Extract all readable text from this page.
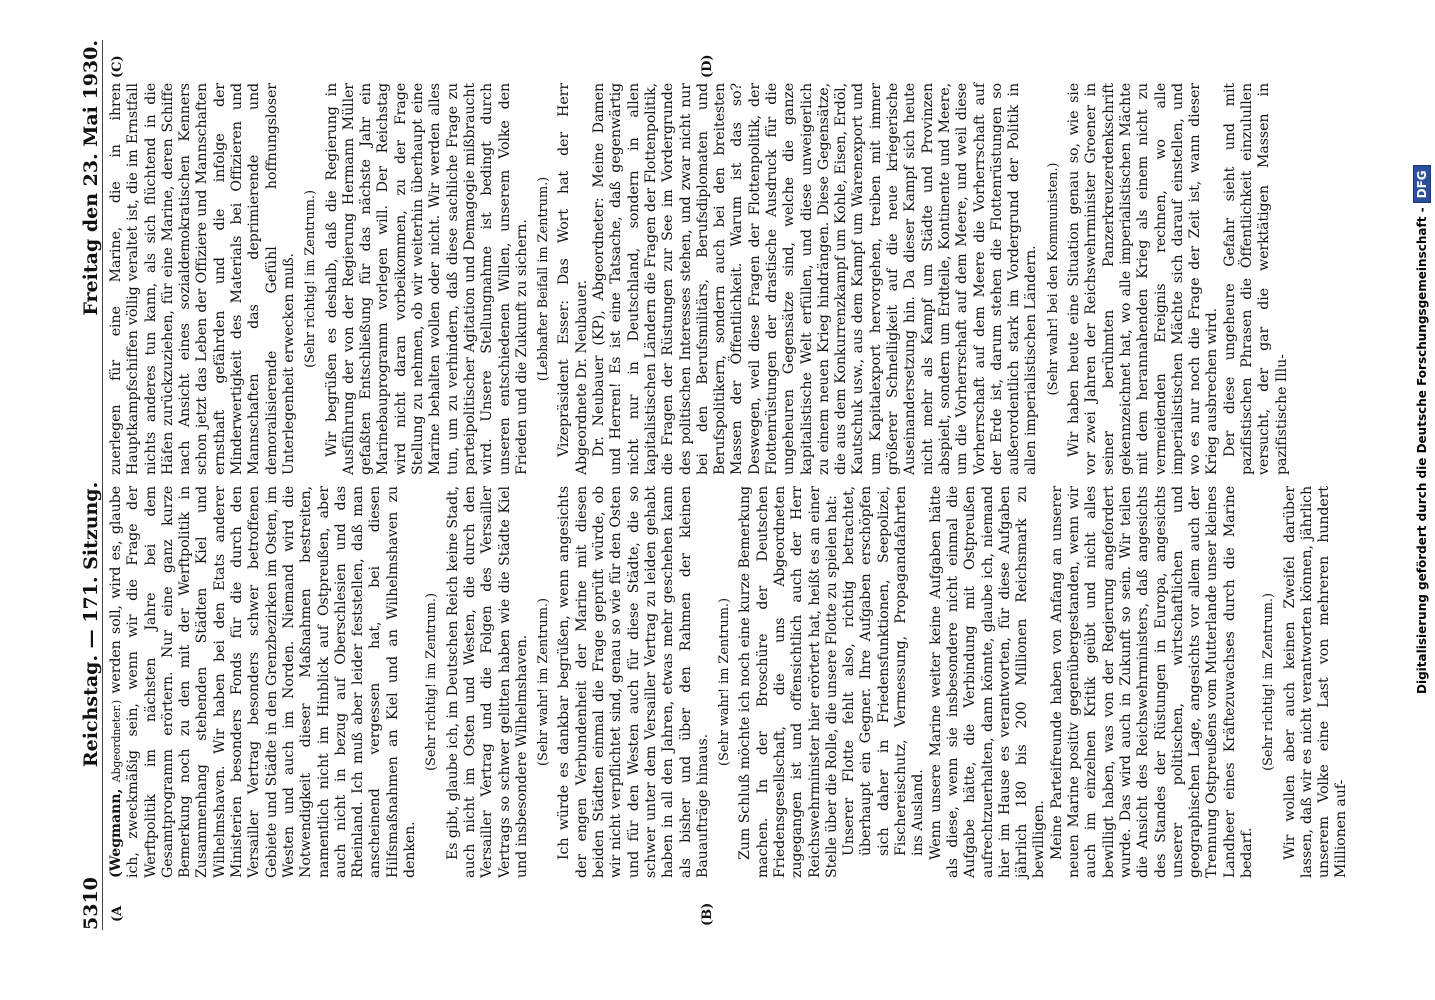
5310
Reichstag. — 171. Sitzung.
Freitag den 23. Mai 1930.
(A	(B)
(C)	(D)

(Wegmann, Abgeordneter.) werden soll, wird es, glaube ich, zweckmäßig sein, wenn wir die Frage der Werftpolitik im nächsten Jahre bei dem Gesamtprogramm erörtern. Nur eine ganz kurze Bemerkung noch zu den mit der Werftpolitik in Zusammenhang stehenden Städten Kiel und Wilhelmshaven. Wir haben bei den Etats anderer Ministerien besonders Fonds für die durch den Versailler Vertrag besonders schwer betroffenen Gebiete und Städte in den Grenzbezirken im Osten, im Westen und auch im Norden. Niemand wird die Notwendigkeit dieser Maßnahmen bestreiten, namentlich nicht im Hinblick auf Ostpreußen, aber auch nicht in bezug auf Oberschlesien und das Rheinland. Ich muß aber leider feststellen, daß man anscheinend vergessen hat, bei diesen Hilfsmaßnahmen an Kiel und an Wilhelmshaven zu denken.

(Sehr richtig! im Zentrum.) Es gibt, glaube ich, im Deutschen Reich keine Stadt, auch nicht im Osten und Westen, die durch den Versailler Vertrag und die Folgen des Versailler Vertrags so schwer gelitten haben wie die Städte Kiel und insbesondere Wilhelmshaven. (Sehr wahr! im Zentrum.) Ich würde es dankbar begrüßen, wenn angesichts der engen Verbundenheit der Marine mit diesen beiden Städten einmal die Frage geprüft würde, ob wir nicht verpflichtet sind, genau so wie für den Osten und für den Westen auch für diese Städte, die so schwer unter dem Versailler Vertrag zu leiden gehabt haben in all den Jahren, etwas mehr geschehen kann als bisher und über den Rahmen der kleinen Bauaufträge hinaus.

(Sehr wahr! im Zentrum.) Zum Schluß möchte ich noch eine kurze Bemerkung machen. In der Broschüre der Deutschen Friedensgesellschaft, die uns Abgeordneten zugegangen ist und offensichtlich auch der Herr Reichswehrminister hier erörtert hat, heißt es an einer Stelle über die Rolle, die unsere Flotte zu spielen hat: Unserer Flotte fehlt also, richtig betrachtet, überhaupt ein Gegner. Ihre Aufgaben erschöpfen sich daher in Friedensfunktionen, Seepolizei, Fischereischutz, Vermessung, Propagandafahrten ins Ausland. Wenn unsere Marine weiter keine Aufgaben hätte als diese, wenn sie insbesondere nicht einmal die Aufgabe hätte, die Verbindung mit Ostpreußen aufrechtzuerhalten, dann könnte, glaube ich, niemand hier im Hause es verantworten, für diese Aufgaben jährlich 180 bis 200 Millionen Reichsmark zu bewilligen. Meine Parteifreunde haben von Anfang an unserer neuen Marine positiv gegenübergestanden, wenn wir auch im einzelnen Kritik geübt und nicht alles bewilligt haben, was von der Regierung angefordert wurde. Das wird auch in Zukunft so sein. Wir teilen die Ansicht des Reichswehrministers, daß angesichts des Standes der Rüstungen in Europa, angesichts unserer politischen, wirtschaftlichen und geographischen Lage, angesichts vor allem auch der Trennung Ostpreußens vom Mutterlande unser kleines Landheer eines Kräftezuwachses durch die Marine bedarf.

(Sehr richtig! im Zentrum.) Wir wollen aber auch keinen Zweifel darüber lassen, daß wir es nicht verantworten können, jährlich unserem Volke eine Last von mehreren hundert Millionen auf-

zuerlegen für eine Marine, die in ihren Hauptkampfschiffen völlig veraltet ist, die im Ernstfall nichts anderes tun kann, als sich flüchtend in die Häfen zurückzuziehen, für eine Marine, deren Schiffe nach Ansicht eines sozialdemokratischen Kenners schon jetzt das Leben der Offiziere und Mannschaften ernsthaft gefährden und die infolge der Minderwertigkeit des Materials bei Offizieren und Mannschaften das deprimierende und demoralisierende Gefühl hoffnungsloser Unterlegenheit erwecken muß. (Sehr richtig! im Zentrum.) Wir begrüßen es deshalb, daß die Regierung in Ausführung der von der Regierung Hermann Müller gefaßten Entschließung für das nächste Jahr ein Marinebauprogramm vorlegen will. Der Reichstag wird nicht daran vorbeikommen, zu der Frage Stellung zu nehmen, ob wir weiterhin überhaupt eine Marine behalten wollen oder nicht. Wir werden alles tun, um zu verhindern, daß diese sachliche Frage zu parteipolitischer Agitation und Demagogie mißbraucht wird. Unsere Stellungnahme ist bedingt durch unseren entschiedenen Willen, unserem Volke den Frieden und die Zukunft zu sichern. (Lebhafter Beifall im Zentrum.) Vizepräsident Esser: Das Wort hat der Herr Abgeordnete Dr. Neubauer. Dr. Neubauer (KP), Abgeordneter: Meine Damen und Herren! Es ist eine Tatsache, daß gegenwärtig nicht nur in Deutschland, sondern in allen kapitalistischen Ländern die Fragen der Flottenpolitik, die Fragen der Rüstungen zur See im Vordergrunde des politischen Interesses stehen, und zwar nicht nur bei den Berufsmilitärs, Berufsdiplomaten und Berufspolitikern, sondern auch bei den breitesten Massen der Öffentlichkeit. Warum ist das so? Deswegen, weil diese Fragen der Flottenpolitik, der Flottenrüstungen der drastische Ausdruck für die ungeheuren Gegensätze sind, welche die ganze kapitalistische Welt erfüllen, und diese unweigerlich zu einem neuen Krieg hindrängen. Diese Gegensätze, die aus dem Konkurrenzkampf um Kohle, Eisen, Erdöl, Kautschuk usw., aus dem Kampf um Warenexport und um Kapitalexport hervorgehen, treiben mit immer größerer Schnelligkeit auf die neue kriegerische Auseinandersetzung hin. Da dieser Kampf sich heute nicht mehr als Kampf um Städte und Provinzen abspielt, sondern um Erdteile, Kontinente und Meere, um die Vorherrschaft auf dem Meere, und weil diese Vorherrschaft auf dem Meere die Vorherrschaft auf der Erde ist, darum stehen die Flottenrüstungen so außerordentlich stark im Vordergrund der Politik in allen imperialistischen Ländern. (Sehr wahr! bei den Kommunisten.) Wir haben heute eine Situation genau so, wie sie vor zwei Jahren der Reichswehrminister Groener in seiner berühmten Panzerkreuzerdenkschrift gekennzeichnet hat, wo alle imperialistischen Mächte mit dem herannahenden Krieg als einem nicht zu vermeidenden Ereignis rechnen, wo alle imperialistischen Mächte sich darauf einstellen, und wo es nur noch die Frage der Zeit ist, wann dieser Krieg ausbrechen wird. Der diese ungeheure Gefahr sieht und mit pazifistischen Phrasen die Öffentlichkeit einzulullen versucht, der gar die werktätigen Massen in pazifistische Illu-	Digitalisierung gefördert durch die Deutsche Forschungsgemeinschaft -DFG
